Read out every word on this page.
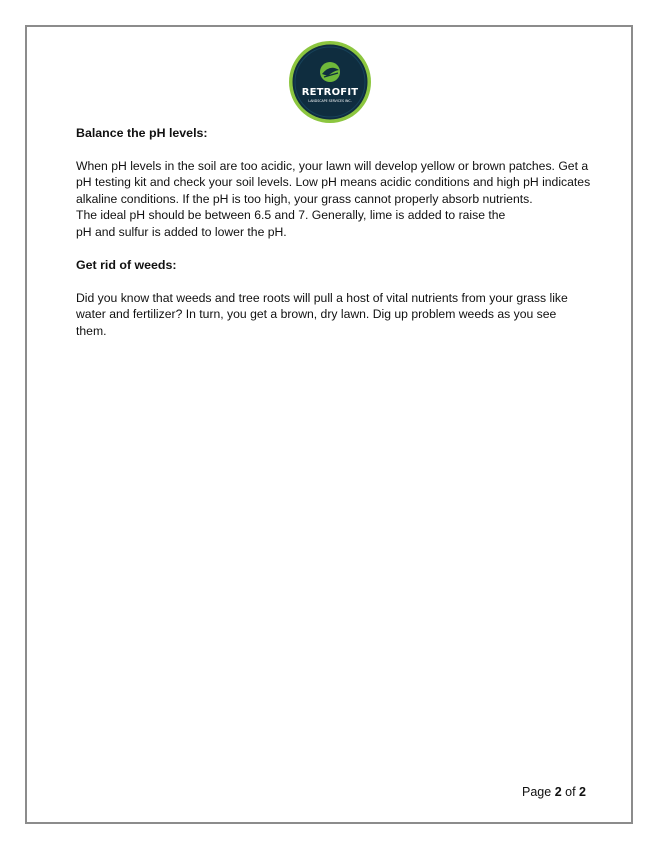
RETROFIT
LANDSCAPE SERVICES INC.

Balance the pH levels:

When pH levels in the soil are too acidic, your lawn will develop yellow or brown patches. Get a

pH testing kit and check your soil levels. Low pH means acidic conditions and high pH indicates

alkaline conditions. If the pH is too high, your grass cannot properly absorb nutrients.

The ideal pH should be between 6.5 and 7. Generally, lime is added to raise the

pH and sulfur is added to lower the pH.

Get rid of weeds:

Did you know that weeds and tree roots will pull a host of vital nutrients from your grass like

water and fertilizer? In turn, you get a brown, dry lawn. Dig up problem weeds as you see

them.

Page 2 of 2
